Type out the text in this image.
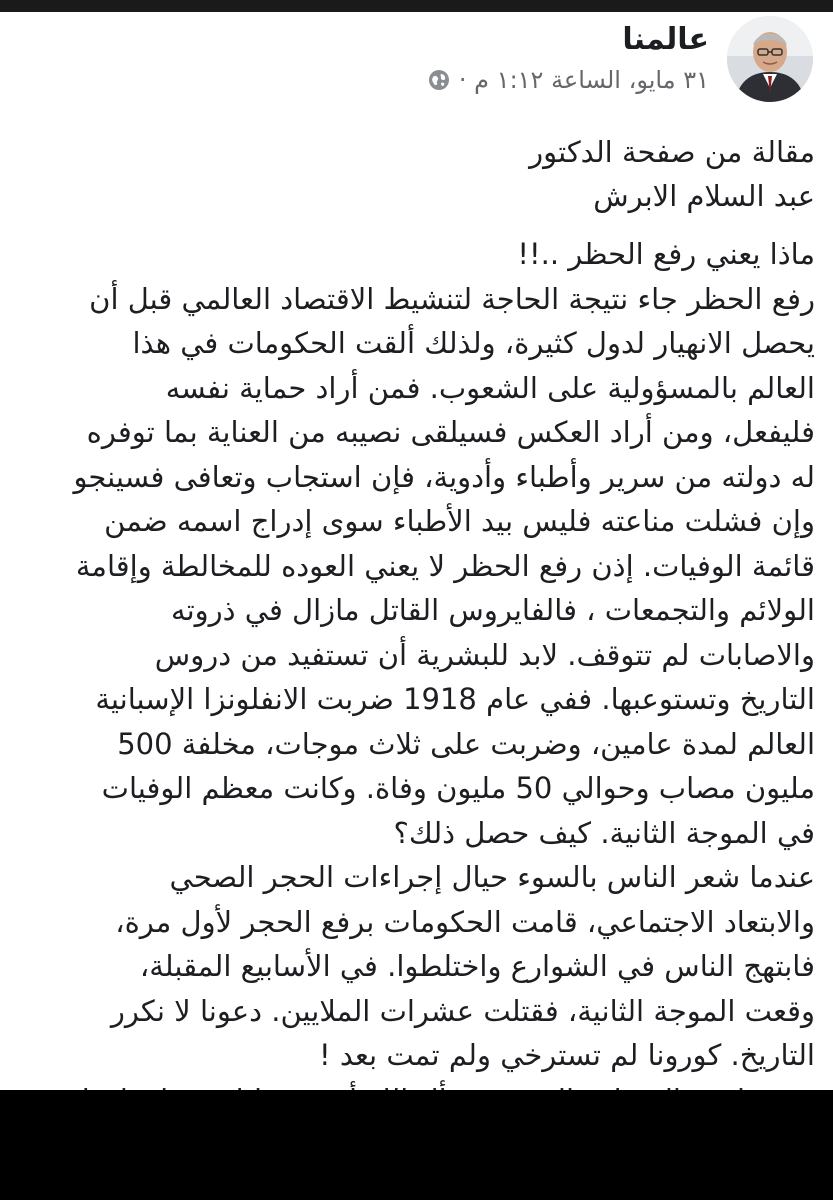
عالمنا
٣١ مايو، الساعة ١:١٢ م ·
مقالة من صفحة الدكتور
عبد السلام الابرش
ماذا يعني رفع الحظر ..!!
رفع الحظر جاء نتيجة الحاجة لتنشيط الاقتصاد العالمي قبل أن
يحصل الانهيار لدول كثيرة، ولذلك ألقت الحكومات في هذا
العالم بالمسؤولية على الشعوب. فمن أراد حماية نفسه
فليفعل، ومن أراد العكس فسيلقى نصيبه من العناية بما توفره
له دولته من سرير وأطباء وأدوية، فإن استجاب وتعافى فسينجو
وإن فشلت مناعته فليس بيد الأطباء سوى إدراج اسمه ضمن
قائمة الوفيات. إذن رفع الحظر لا يعني العوده للمخالطة وإقامة
الولائم والتجمعات ، فالفايروس القاتل مازال في ذروته
والاصابات لم تتوقف. لابد للبشرية أن تستفيد من دروس
التاريخ وتستوعبها. ففي عام 1918 ضربت الانفلونزا الإسبانية
العالم لمدة عامين، وضربت على ثلاث موجات، مخلفة 500
مليون مصاب وحوالي 50 مليون وفاة. وكانت معظم الوفيات
في الموجة الثانية. كيف حصل ذلك؟
عندما شعر الناس بالسوء حيال إجراءات الحجر الصحي
والابتعاد الاجتماعي، قامت الحكومات برفع الحجر لأول مرة،
فابتهج الناس في الشوارع واختلطوا. في الأسابيع المقبلة،
وقعت الموجة الثانية، فقتلت عشرات الملايين. دعونا لا نكرر
التاريخ. كورونا لم تسترخي ولم تمت بعد !
